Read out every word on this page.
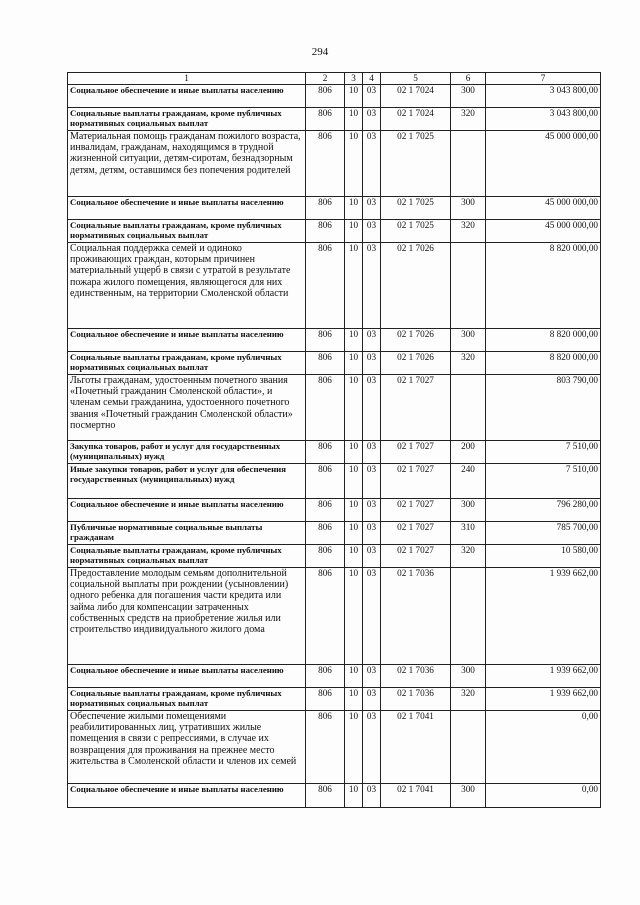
294
1	2	3	4	5	6	7
Социальное обеспечение и иные выплаты населению	806	10	03	02 1 7024	300	3 043 800,00
Социальные выплаты гражданам, кроме публичных нормативных социальных выплат	806	10	03	02 1 7024	320	3 043 800,00
Материальная помощь гражданам пожилого возраста, инвалидам, гражданам, находящимся в трудной жизненной ситуации, детям-сиротам, безнадзорным детям, детям, оставшимся без попечения родителей	806	10	03	02 1 7025		45 000 000,00
Социальное обеспечение и иные выплаты населению	806	10	03	02 1 7025	300	45 000 000,00
Социальные выплаты гражданам, кроме публичных нормативных социальных выплат	806	10	03	02 1 7025	320	45 000 000,00
Социальная поддержка семей и одиноко проживающих граждан, которым причинен материальный ущерб в связи с утратой в результате пожара жилого помещения, являющегося для них единственным, на территории Смоленской области	806	10	03	02 1 7026		8 820 000,00
Социальное обеспечение и иные выплаты населению	806	10	03	02 1 7026	300	8 820 000,00
Социальные выплаты гражданам, кроме публичных нормативных социальных выплат	806	10	03	02 1 7026	320	8 820 000,00
Льготы гражданам, удостоенным почетного звания «Почетный гражданин Смоленской области», и членам семьи гражданина, удостоенного почетного звания «Почетный гражданин Смоленской области» посмертно	806	10	03	02 1 7027		803 790,00
Закупка товаров, работ и услуг для государственных (муниципальных) нужд	806	10	03	02 1 7027	200	7 510,00
Иные закупки товаров, работ и услуг для обеспечения государственных (муниципальных) нужд	806	10	03	02 1 7027	240	7 510,00
Социальное обеспечение и иные выплаты населению	806	10	03	02 1 7027	300	796 280,00
Публичные нормативные социальные выплаты гражданам	806	10	03	02 1 7027	310	785 700,00
Социальные выплаты гражданам, кроме публичных нормативных социальных выплат	806	10	03	02 1 7027	320	10 580,00
Предоставление молодым семьям дополнительной социальной выплаты при рождении (усыновлении) одного ребенка для погашения части кредита или займа либо для компенсации затраченных собственных средств на приобретение жилья или строительство индивидуального жилого дома	806	10	03	02 1 7036		1 939 662,00
Социальное обеспечение и иные выплаты населению	806	10	03	02 1 7036	300	1 939 662,00
Социальные выплаты гражданам, кроме публичных нормативных социальных выплат	806	10	03	02 1 7036	320	1 939 662,00
Обеспечение жилыми помещениями реабилитированных лиц, утративших жилые помещения в связи с репрессиями, в случае их возвращения для проживания на прежнее место жительства в Смоленской области и членов их семей	806	10	03	02 1 7041		0,00
Социальное обеспечение и иные выплаты населению	806	10	03	02 1 7041	300	0,00
